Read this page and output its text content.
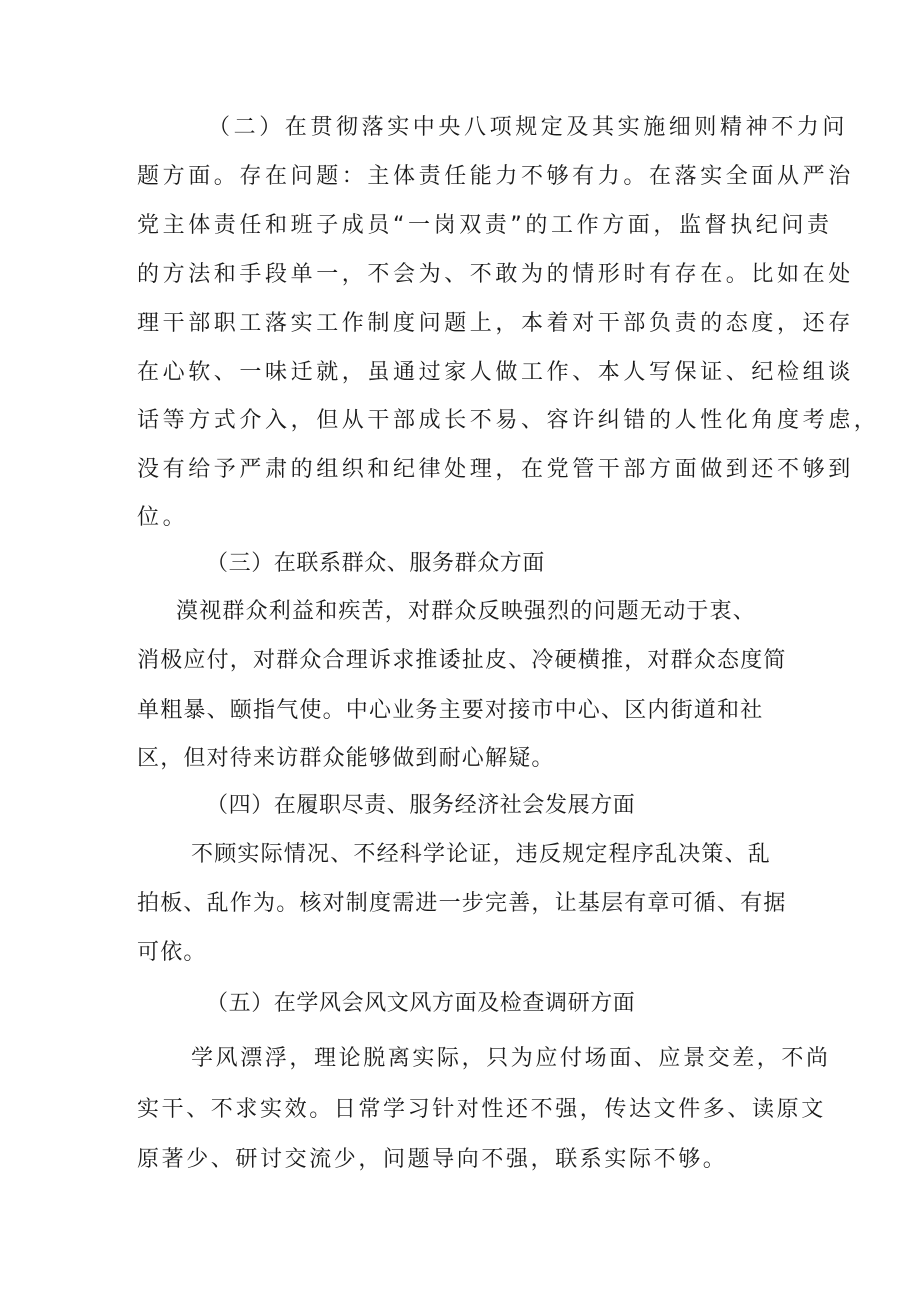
（二）在贯彻落实中央八项规定及其实施细则精神不力问
题方面。存在问题：主体责任能力不够有力。在落实全面从严治
党主体责任和班子成员“一岗双责”的工作方面，监督执纪问责
的方法和手段单一，不会为、不敢为的情形时有存在。比如在处
理干部职工落实工作制度问题上，本着对干部负责的态度，还存
在心软、一味迁就，虽通过家人做工作、本人写保证、纪检组谈
话等方式介入，但从干部成长不易、容许纠错的人性化角度考虑，
没有给予严肃的组织和纪律处理，在党管干部方面做到还不够到
位。
（三）在联系群众、服务群众方面
漠视群众利益和疾苦，对群众反映强烈的问题无动于衷、
消极应付，对群众合理诉求推诿扯皮、冷硬横推，对群众态度简
单粗暴、颐指气使。中心业务主要对接市中心、区内街道和社
区，但对待来访群众能够做到耐心解疑。
（四）在履职尽责、服务经济社会发展方面
不顾实际情况、不经科学论证，违反规定程序乱决策、乱
拍板、乱作为。核对制度需进一步完善，让基层有章可循、有据
可依。
（五）在学风会风文风方面及检查调研方面
学风漂浮，理论脱离实际，只为应付场面、应景交差，不尚
实干、不求实效。日常学习针对性还不强，传达文件多、读原文
原著少、研讨交流少，问题导向不强，联系实际不够。
